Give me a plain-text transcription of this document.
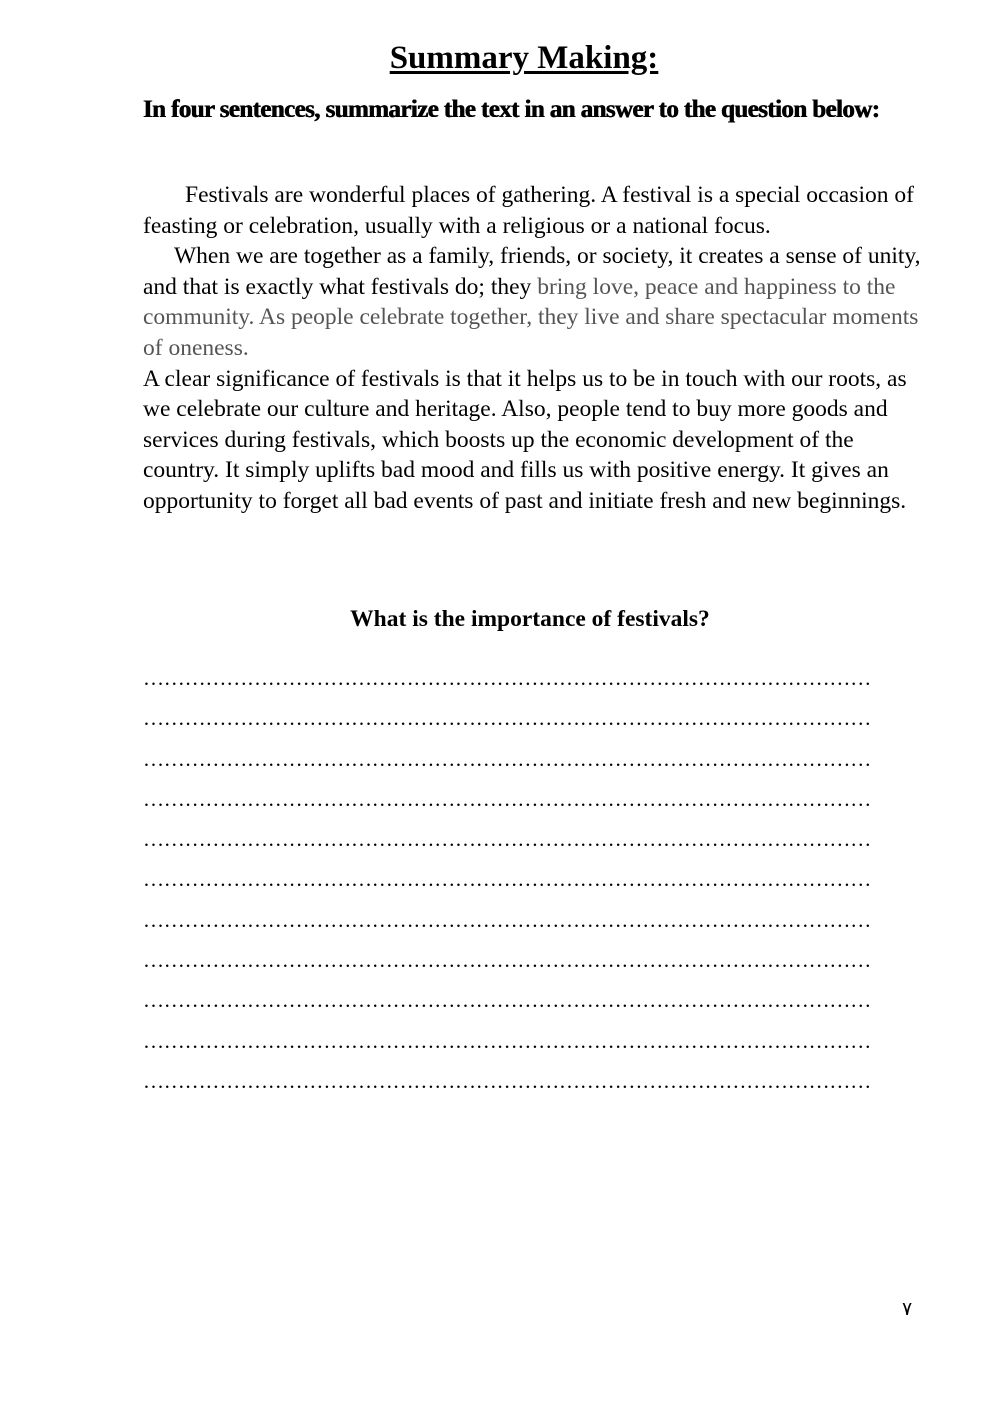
Summary Making:

In four sentences, summarize the text in an answer to the question below:

Festivals are wonderful places of gathering. A festival is a special occasion of feasting or celebration, usually with a religious or a national focus.

When we are together as a family, friends, or society, it creates a sense of unity, and that is exactly what festivals do; they bring love, peace and happiness to the community. As people celebrate together, they live and share spectacular moments of oneness.

A clear significance of festivals is that it helps us to be in touch with our roots, as we celebrate our culture and heritage. Also, people tend to buy more goods and services during festivals, which boosts up the economic development of the country. It simply uplifts bad mood and fills us with positive energy. It gives an opportunity to forget all bad events of past and initiate fresh and new beginnings.

What is the importance of festivals?
……………………………………………………………………………………………
……………………………………………………………………………………………
……………………………………………………………………………………………
……………………………………………………………………………………………
……………………………………………………………………………………………
……………………………………………………………………………………………
……………………………………………………………………………………………
……………………………………………………………………………………………
……………………………………………………………………………………………
……………………………………………………………………………………………
……………………………………………………………………………………………
٧
